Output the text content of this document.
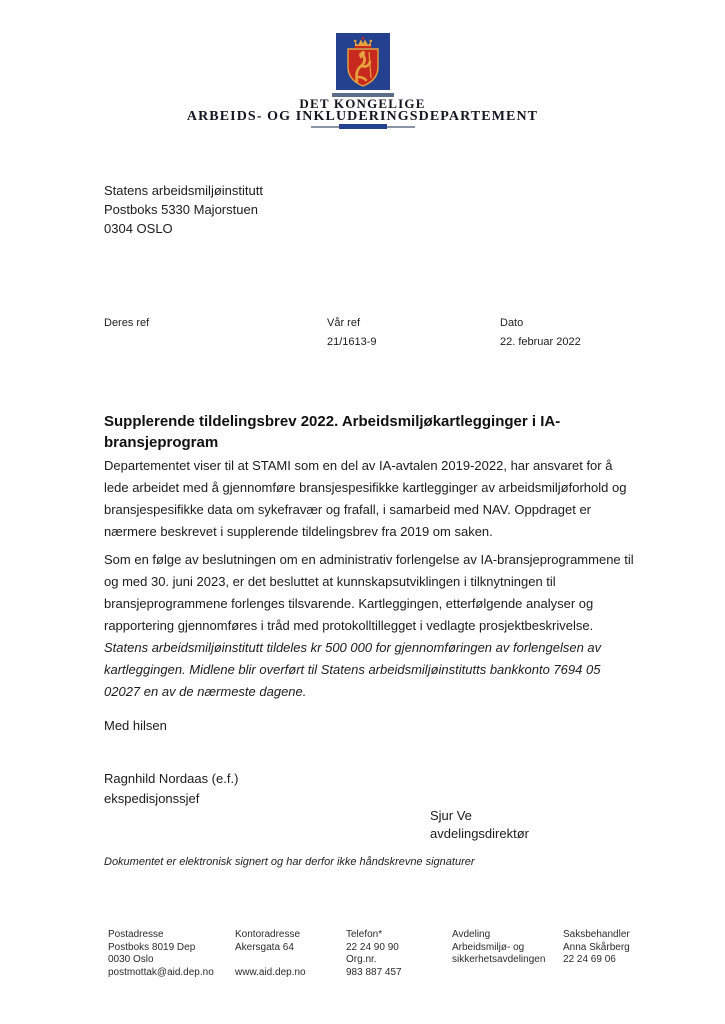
DET KONGELIGE
ARBEIDS- OG INKLUDERINGSDEPARTEMENT
Statens arbeidsmiljøinstitutt
Postboks 5330 Majorstuen
0304 OSLO
Deres ref	Vår ref
21/1613-9
Dato
22. februar 2022
Supplerende tildelingsbrev 2022. Arbeidsmiljøkartlegginger i IA-bransjeprogram
Departementet viser til at STAMI som en del av IA-avtalen 2019-2022, har ansvaret for å
lede arbeidet med å gjennomføre bransjespesifikke kartlegginger av arbeidsmiljøforhold og
bransjespesifikke data om sykefravær og frafall, i samarbeid med NAV. Oppdraget er
nærmere beskrevet i supplerende tildelingsbrev fra 2019 om saken.
Som en følge av beslutningen om en administrativ forlengelse av IA-bransjeprogrammene til
og med 30. juni 2023, er det besluttet at kunnskapsutviklingen i tilknytningen til
bransjeprogrammene forlenges tilsvarende. Kartleggingen, etterfølgende analyser og
rapportering gjennomføres i tråd med protokolltillegget i vedlagte prosjektbeskrivelse.
Statens arbeidsmiljøinstitutt tildeles kr 500 000 for gjennomføringen av forlengelsen av
kartleggingen. Midlene blir overført til Statens arbeidsmiljøinstitutts bankkonto 7694 05
02027 en av de nærmeste dagene.
Med hilsen
Ragnhild Nordaas (e.f.)
ekspedisjonssjef
Sjur Ve
avdelingsdirektør
Dokumentet er elektronisk signert og har derfor ikke håndskrevne signaturer
Postadresse
Postboks 8019 Dep
0030 Oslo
postmottak@aid.dep.no
Kontoradresse
Akersgata 64
www.aid.dep.no
Telefon*
22 24 90 90
Org.nr.
983 887 457
Avdeling
Arbeidsmiljø- og
sikkerhetsavdelingen
Saksbehandler
Anna Skårberg
22 24 69 06
